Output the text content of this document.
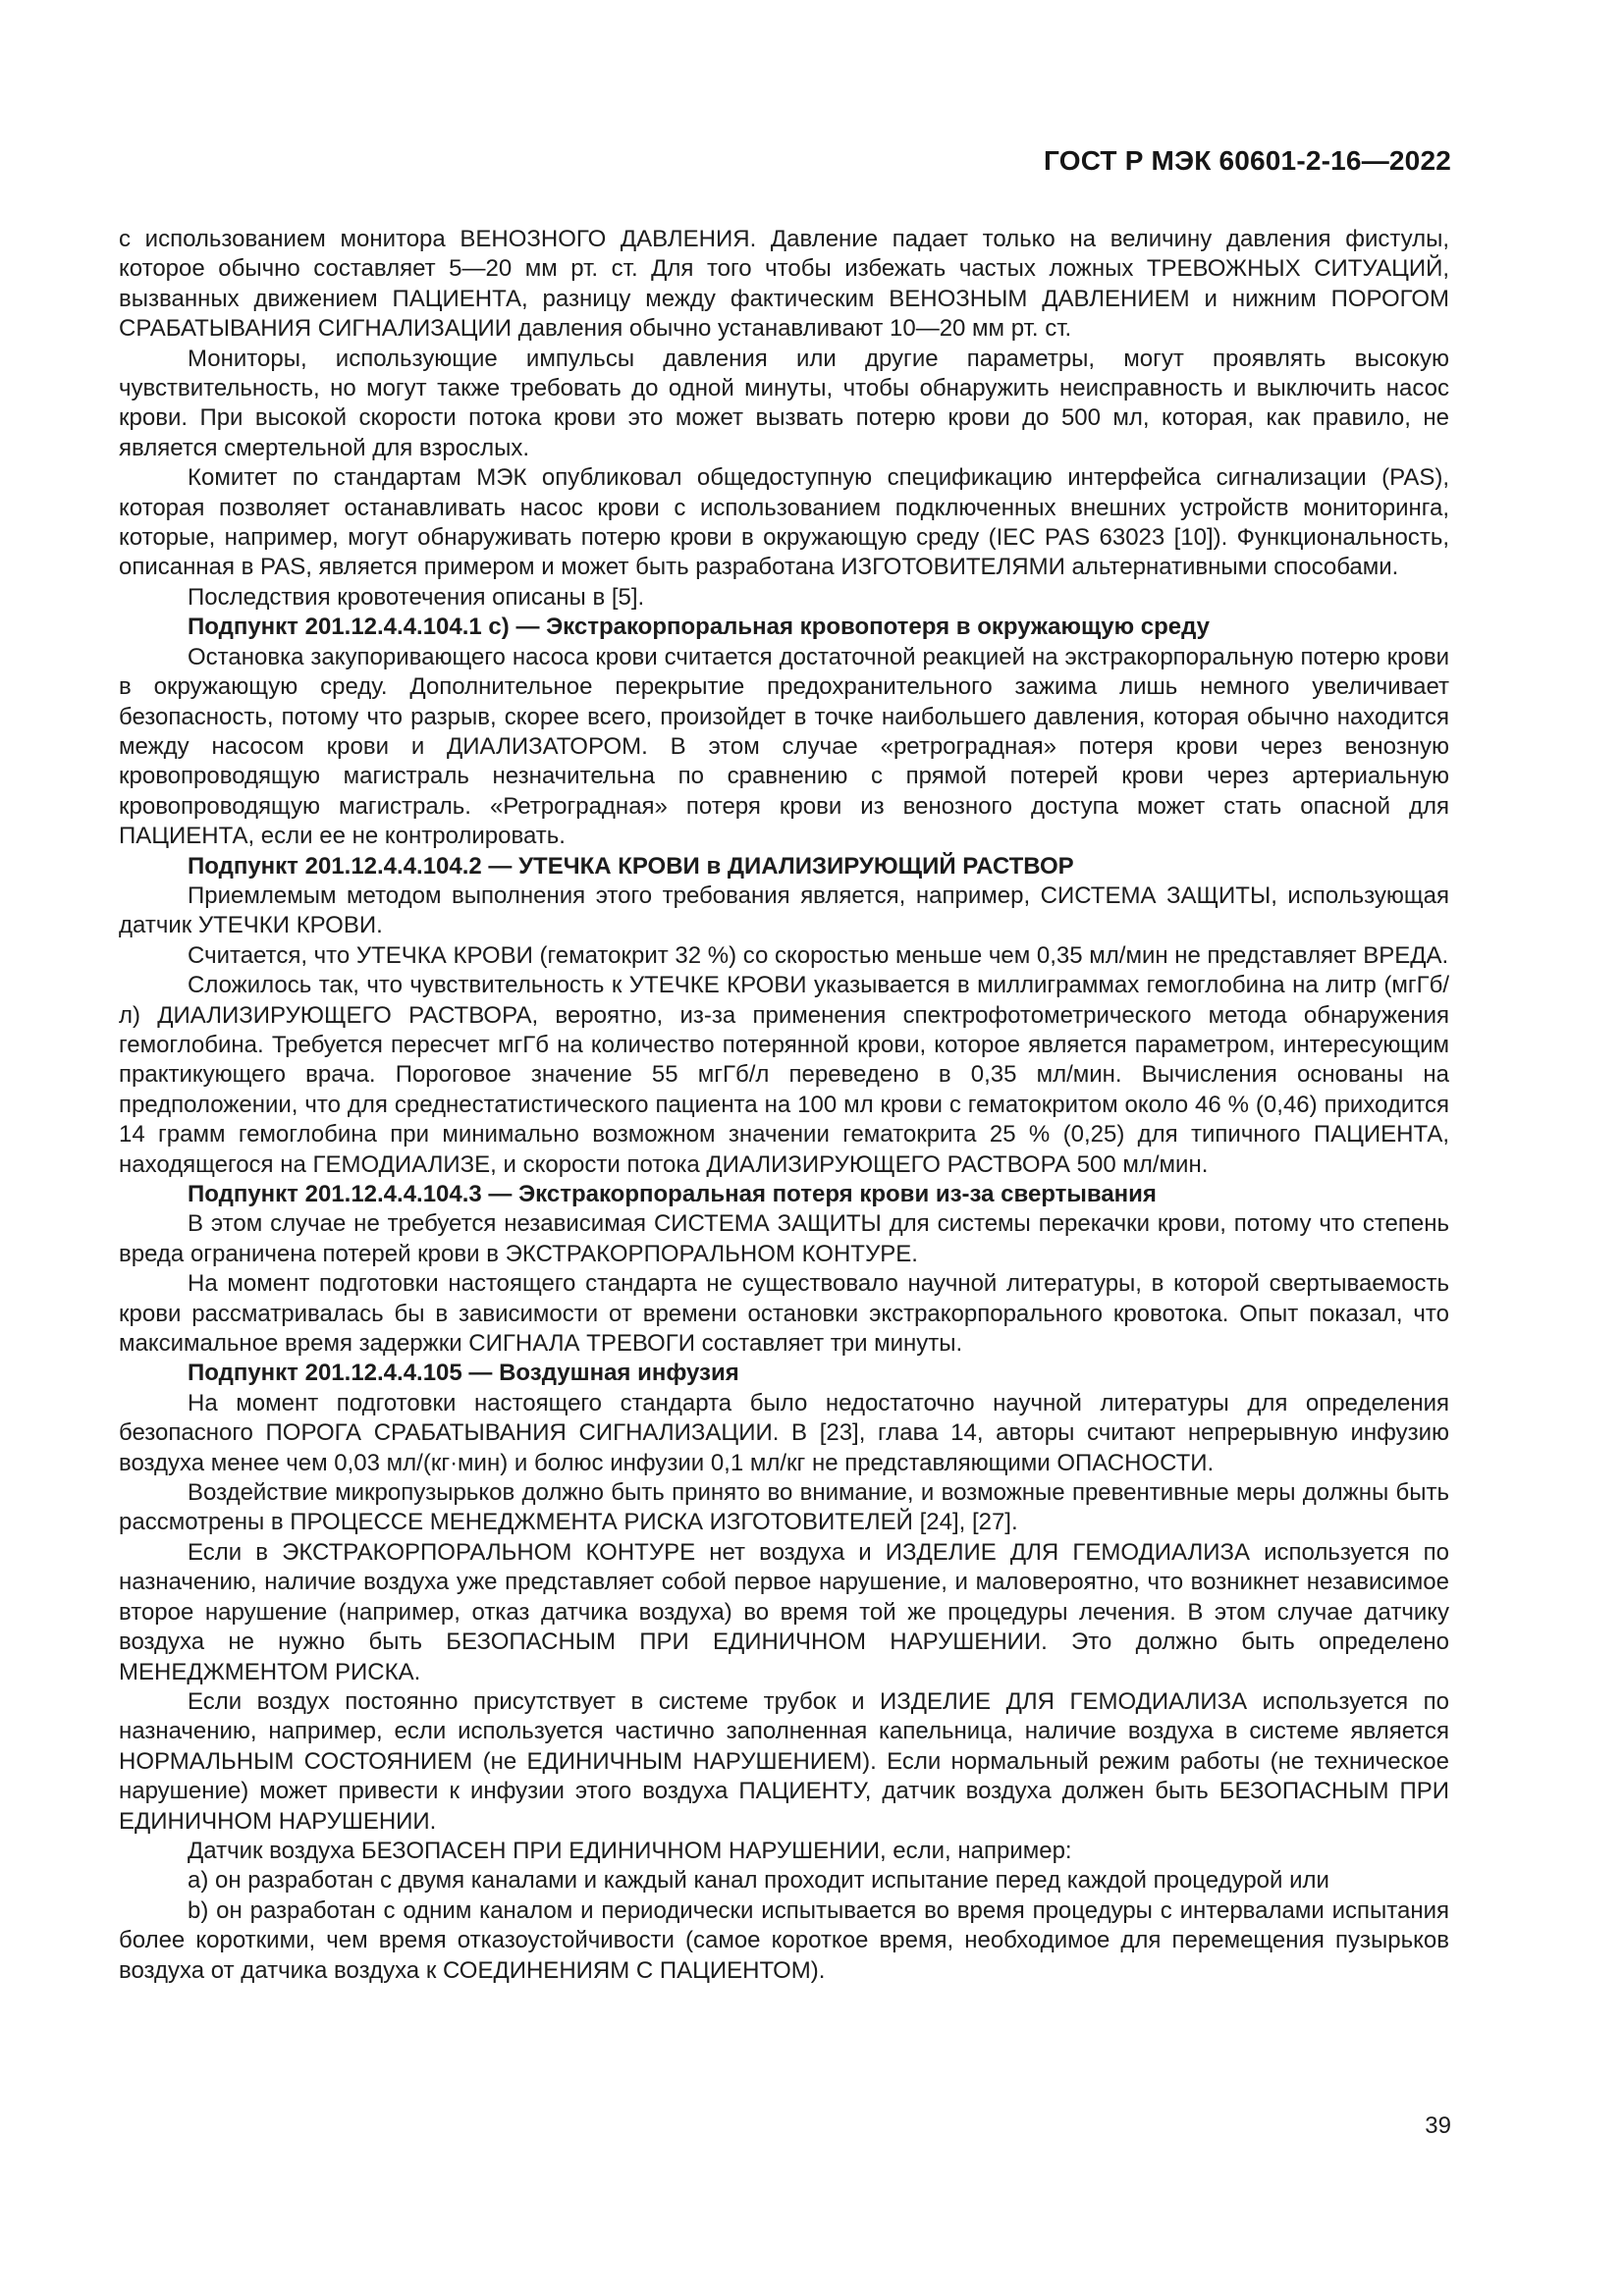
ГОСТ Р МЭК 60601-2-16—2022

с использованием монитора ВЕНОЗНОГО ДАВЛЕНИЯ. Давление падает только на величину давления фистулы, которое обычно составляет 5—20 мм рт. ст. Для того чтобы избежать частых ложных ТРЕВОЖНЫХ СИТУАЦИЙ, вызванных движением ПАЦИЕНТА, разницу между фактическим ВЕНОЗНЫМ ДАВЛЕНИЕМ и нижним ПОРОГОМ СРАБАТЫВАНИЯ СИГНАЛИЗАЦИИ давления обычно устанавливают 10—20 мм рт. ст.

Мониторы, использующие импульсы давления или другие параметры, могут проявлять высокую чувствительность, но могут также требовать до одной минуты, чтобы обнаружить неисправность и выключить насос крови. При высокой скорости потока крови это может вызвать потерю крови до 500 мл, которая, как правило, не является смертельной для взрослых.

Комитет по стандартам МЭК опубликовал общедоступную спецификацию интерфейса сигнализации (PAS), которая позволяет останавливать насос крови с использованием подключенных внешних устройств мониторинга, которые, например, могут обнаруживать потерю крови в окружающую среду (IEC PAS 63023 [10]). Функциональность, описанная в PAS, является примером и может быть разработана ИЗГОТОВИТЕЛЯМИ альтернативными способами.

Последствия кровотечения описаны в [5].

Подпункт 201.12.4.4.104.1 c) — Экстракорпоральная кровопотеря в окружающую среду

Остановка закупоривающего насоса крови считается достаточной реакцией на экстракорпоральную потерю крови в окружающую среду. Дополнительное перекрытие предохранительного зажима лишь немного увеличивает безопасность, потому что разрыв, скорее всего, произойдет в точке наибольшего давления, которая обычно находится между насосом крови и ДИАЛИЗАТОРОМ. В этом случае «ретроградная» потеря крови через венозную кровопроводящую магистраль незначительна по сравнению с прямой потерей крови через артериальную кровопроводящую магистраль. «Ретроградная» потеря крови из венозного доступа может стать опасной для ПАЦИЕНТА, если ее не контролировать.

Подпункт 201.12.4.4.104.2 — УТЕЧКА КРОВИ в ДИАЛИЗИРУЮЩИЙ РАСТВОР

Приемлемым методом выполнения этого требования является, например, СИСТЕМА ЗАЩИТЫ, использующая датчик УТЕЧКИ КРОВИ.

Считается, что УТЕЧКА КРОВИ (гематокрит 32 %) со скоростью меньше чем 0,35 мл/мин не представляет ВРЕДА.

Сложилось так, что чувствительность к УТЕЧКЕ КРОВИ указывается в миллиграммах гемоглобина на литр (мгГб/л) ДИАЛИЗИРУЮЩЕГО РАСТВОРА, вероятно, из-за применения спектрофотометрического метода обнаружения гемоглобина. Требуется пересчет мгГб на количество потерянной крови, которое является параметром, интересующим практикующего врача. Пороговое значение 55 мгГб/л переведено в 0,35 мл/мин. Вычисления основаны на предположении, что для среднестатистического пациента на 100 мл крови с гематокритом около 46 % (0,46) приходится 14 грамм гемоглобина при минимально возможном значении гематокрита 25 % (0,25) для типичного ПАЦИЕНТА, находящегося на ГЕМОДИАЛИЗЕ, и скорости потока ДИАЛИЗИРУЮЩЕГО РАСТВОРА 500 мл/мин.

Подпункт 201.12.4.4.104.3 — Экстракорпоральная потеря крови из-за свертывания

В этом случае не требуется независимая СИСТЕМА ЗАЩИТЫ для системы перекачки крови, потому что степень вреда ограничена потерей крови в ЭКСТРАКОРПОРАЛЬНОМ КОНТУРЕ.

На момент подготовки настоящего стандарта не существовало научной литературы, в которой свертываемость крови рассматривалась бы в зависимости от времени остановки экстракорпорального кровотока. Опыт показал, что максимальное время задержки СИГНАЛА ТРЕВОГИ составляет три минуты.

Подпункт 201.12.4.4.105 — Воздушная инфузия

На момент подготовки настоящего стандарта было недостаточно научной литературы для определения безопасного ПОРОГА СРАБАТЫВАНИЯ СИГНАЛИЗАЦИИ. В [23], глава 14, авторы считают непрерывную инфузию воздуха менее чем 0,03 мл/(кг·мин) и болюс инфузии 0,1 мл/кг не представляющими ОПАСНОСТИ.

Воздействие микропузырьков должно быть принято во внимание, и возможные превентивные меры должны быть рассмотрены в ПРОЦЕССЕ МЕНЕДЖМЕНТА РИСКА ИЗГОТОВИТЕЛЕЙ [24], [27].

Если в ЭКСТРАКОРПОРАЛЬНОМ КОНТУРЕ нет воздуха и ИЗДЕЛИЕ ДЛЯ ГЕМОДИАЛИЗА используется по назначению, наличие воздуха уже представляет собой первое нарушение, и маловероятно, что возникнет независимое второе нарушение (например, отказ датчика воздуха) во время той же процедуры лечения. В этом случае датчику воздуха не нужно быть БЕЗОПАСНЫМ ПРИ ЕДИНИЧНОМ НАРУШЕНИИ. Это должно быть определено МЕНЕДЖМЕНТОМ РИСКА.

Если воздух постоянно присутствует в системе трубок и ИЗДЕЛИЕ ДЛЯ ГЕМОДИАЛИЗА используется по назначению, например, если используется частично заполненная капельница, наличие воздуха в системе является НОРМАЛЬНЫМ СОСТОЯНИЕМ (не ЕДИНИЧНЫМ НАРУШЕНИЕМ). Если нормальный режим работы (не техническое нарушение) может привести к инфузии этого воздуха ПАЦИЕНТУ, датчик воздуха должен быть БЕЗОПАСНЫМ ПРИ ЕДИНИЧНОМ НАРУШЕНИИ.

Датчик воздуха БЕЗОПАСЕН ПРИ ЕДИНИЧНОМ НАРУШЕНИИ, если, например:

a) он разработан с двумя каналами и каждый канал проходит испытание перед каждой процедурой или

b) он разработан с одним каналом и периодически испытывается во время процедуры с интервалами испытания более короткими, чем время отказоустойчивости (самое короткое время, необходимое для перемещения пузырьков воздуха от датчика воздуха к СОЕДИНЕНИЯМ С ПАЦИЕНТОМ).

39
